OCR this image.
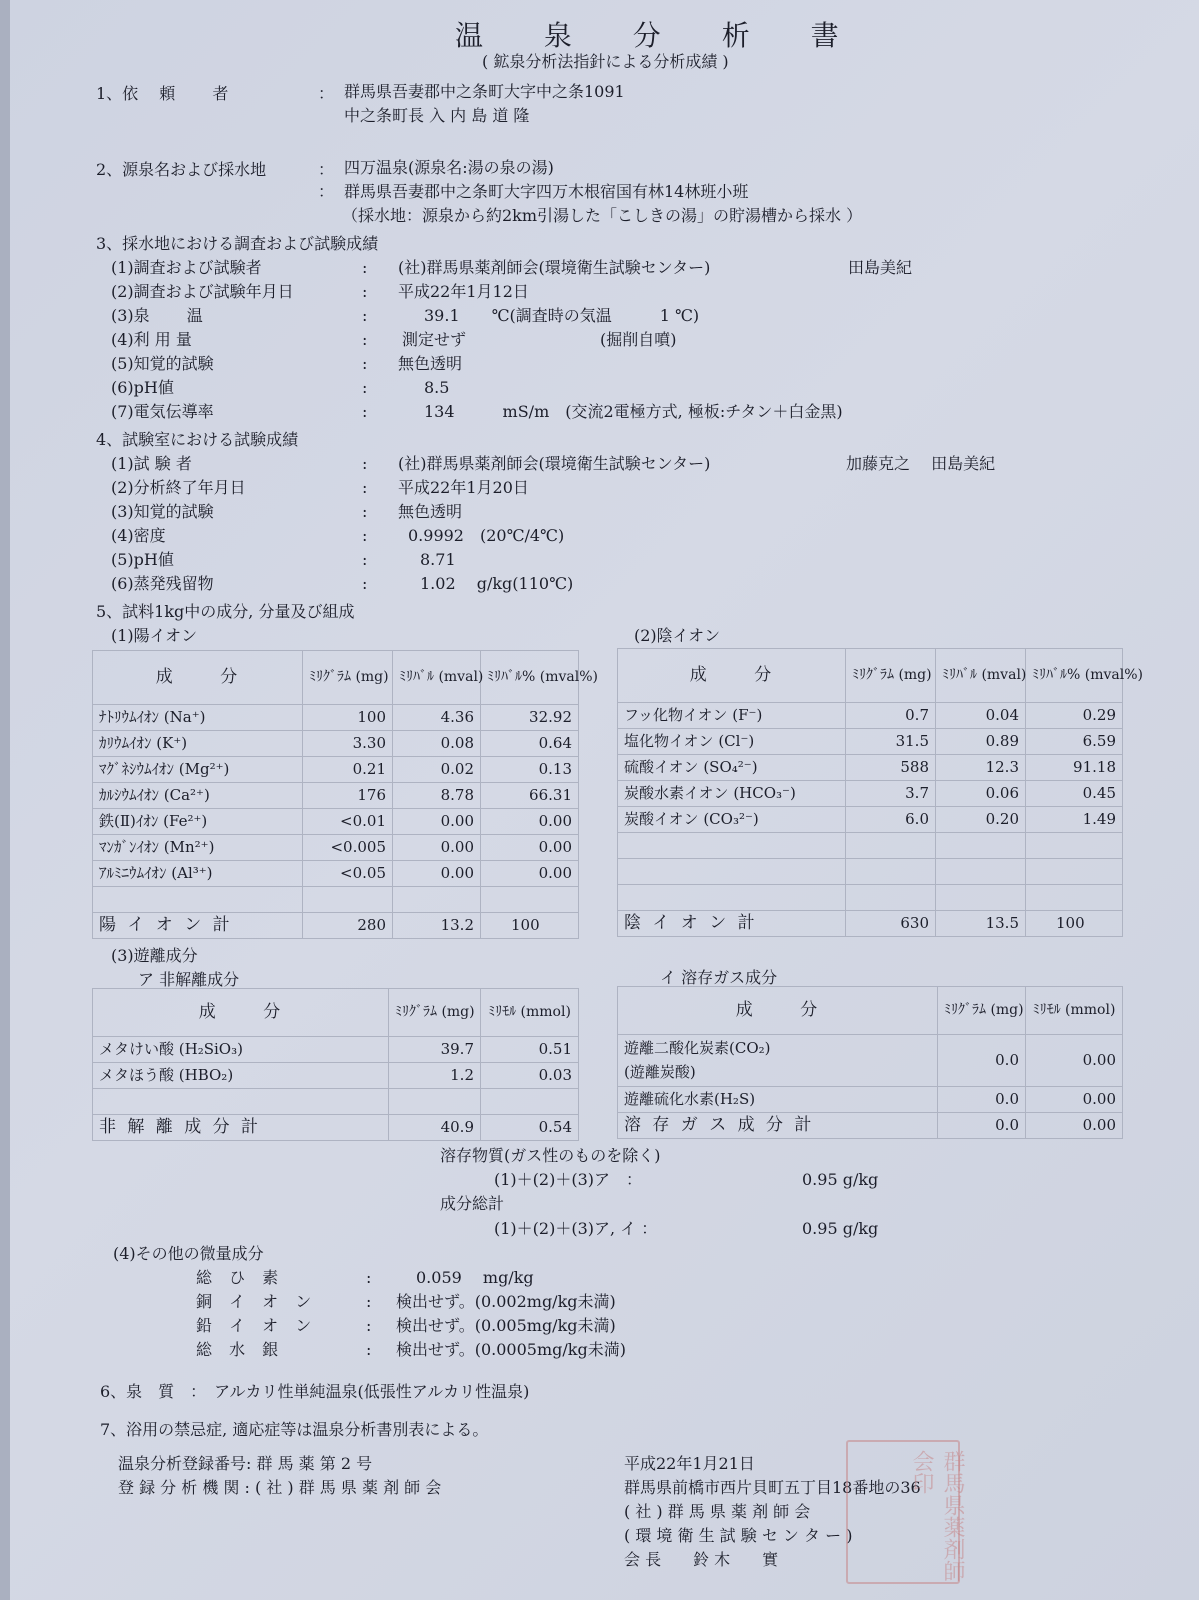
温 泉 分 析 書
( 鉱泉分析法指針による分析成績 )
1、依　 頼　　 者	： 群馬県吾妻郡中之条町大字中之条1091
中之条町長 入 内 島 道 隆
2、源泉名および採水地	： 四万温泉(源泉名:湯の泉の湯)
： 群馬県吾妻郡中之条町大字四万木根宿国有林14林班小班
（採水地：源泉から約2km引湯した「こしきの湯」の貯湯槽から採水 ）
3、採水地における調査および試験成績
(1)調査および試験者	: (社)群馬県薬剤師会(環境衛生試験センター)	田島美紀
(2)調査および試験年月日	: 平成22年1月12日
(3)泉　　 温	:	39.1　　℃(調査時の気温　　　1 ℃)
(4)利 用 量	: 測定せず	(掘削自噴)
(5)知覚的試験	: 無色透明
(6)pH値	:	8.5
(7)電気伝導率	:	134　　　mS/m　(交流2電極方式, 極板:チタン＋白金黒)
4、試験室における試験成績
(1)試 験 者	: (社)群馬県薬剤師会(環境衛生試験センター)	加藤克之　 田島美紀
(2)分析終了年月日	: 平成22年1月20日
(3)知覚的試験	: 無色透明
(4)密度	:	0.9992　(20℃/4℃)
(5)pH値	:	8.71
(6)蒸発残留物	:	1.02　 g/kg(110℃)
5、試料1kg中の成分, 分量及び組成
(1)陽イオン	(2)陰イオン
成　　 分	ﾐﾘｸﾞﾗﾑ (mg)	ﾐﾘﾊﾞﾙ (mval)	ﾐﾘﾊﾞﾙ% (mval%)
ﾅﾄﾘｳﾑｲｵﾝ (Na⁺)	100	4.36	32.92
ｶﾘｳﾑｲｵﾝ (K⁺)	3.30	0.08	0.64
ﾏｸﾞﾈｼｳﾑｲｵﾝ (Mg²⁺)	0.21	0.02	0.13
ｶﾙｼｳﾑｲｵﾝ (Ca²⁺)	176	8.78	66.31
鉄(Ⅱ)ｲｵﾝ (Fe²⁺)	<0.01	0.00	0.00
ﾏﾝｶﾞﾝｲｵﾝ (Mn²⁺)	<0.005	0.00	0.00
ｱﾙﾐﾆｳﾑｲｵﾝ (Al³⁺)	<0.05	0.00	0.00

陽 イ オ ン 計	280	13.2	100
成　　 分	ﾐﾘｸﾞﾗﾑ (mg)	ﾐﾘﾊﾞﾙ (mval)	ﾐﾘﾊﾞﾙ% (mval%)
フッ化物イオン (F⁻)	0.7	0.04	0.29
塩化物イオン (Cl⁻)	31.5	0.89	6.59
硫酸イオン (SO₄²⁻)	588	12.3	91.18
炭酸水素イオン (HCO₃⁻)	3.7	0.06	0.45
炭酸イオン (CO₃²⁻)	6.0	0.20	1.49

陰 イ オ ン 計	630	13.5	100
(3)遊離成分
ア 非解離成分	イ 溶存ガス成分
成　　 分	ﾐﾘｸﾞﾗﾑ (mg)	ﾐﾘﾓﾙ (mmol)
メタけい酸 (H₂SiO₃)	39.7	0.51
メタほう酸 (HBO₂)	1.2	0.03

非 解 離 成 分 計	40.9	0.54
成　　 分	ﾐﾘｸﾞﾗﾑ (mg)	ﾐﾘﾓﾙ (mmol)

遊離二酸化炭素(CO₂)
(遊離炭酸)	0.0	0.00
遊離硫化水素(H₂S)	0.0	0.00
溶 存 ガ ス 成 分 計	0.0	0.00
溶存物質(ガス性のものを除く)
(1)＋(2)＋(3)ア　：	0.95 g/kg
成分総計
(1)＋(2)＋(3)ア, イ ：	0.95 g/kg
(4)その他の微量成分
総 ひ 素	:	0.059　 mg/kg
銅 イ オ ン	: 検出せず。(0.002mg/kg未満)
鉛 イ オ ン	: 検出せず。(0.005mg/kg未満)
総 水 銀	: 検出せず。(0.0005mg/kg未満)
6、泉　質　：　アルカリ性単純温泉(低張性アルカリ性温泉)
7、浴用の禁忌症, 適応症等は温泉分析書別表による。
温泉分析登録番号: 群 馬 薬 第 2 号
登 録 分 析 機 関 : ( 社 ) 群 馬 県 薬 剤 師 会
平成22年1月21日
群馬県前橋市西片貝町五丁目18番地の36
( 社 ) 群 馬 県 薬 剤 師 会
( 環 境 衛 生 試 験 セ ン タ ー )
会 長　　鈴 木　　實	群馬県薬剤師会印
